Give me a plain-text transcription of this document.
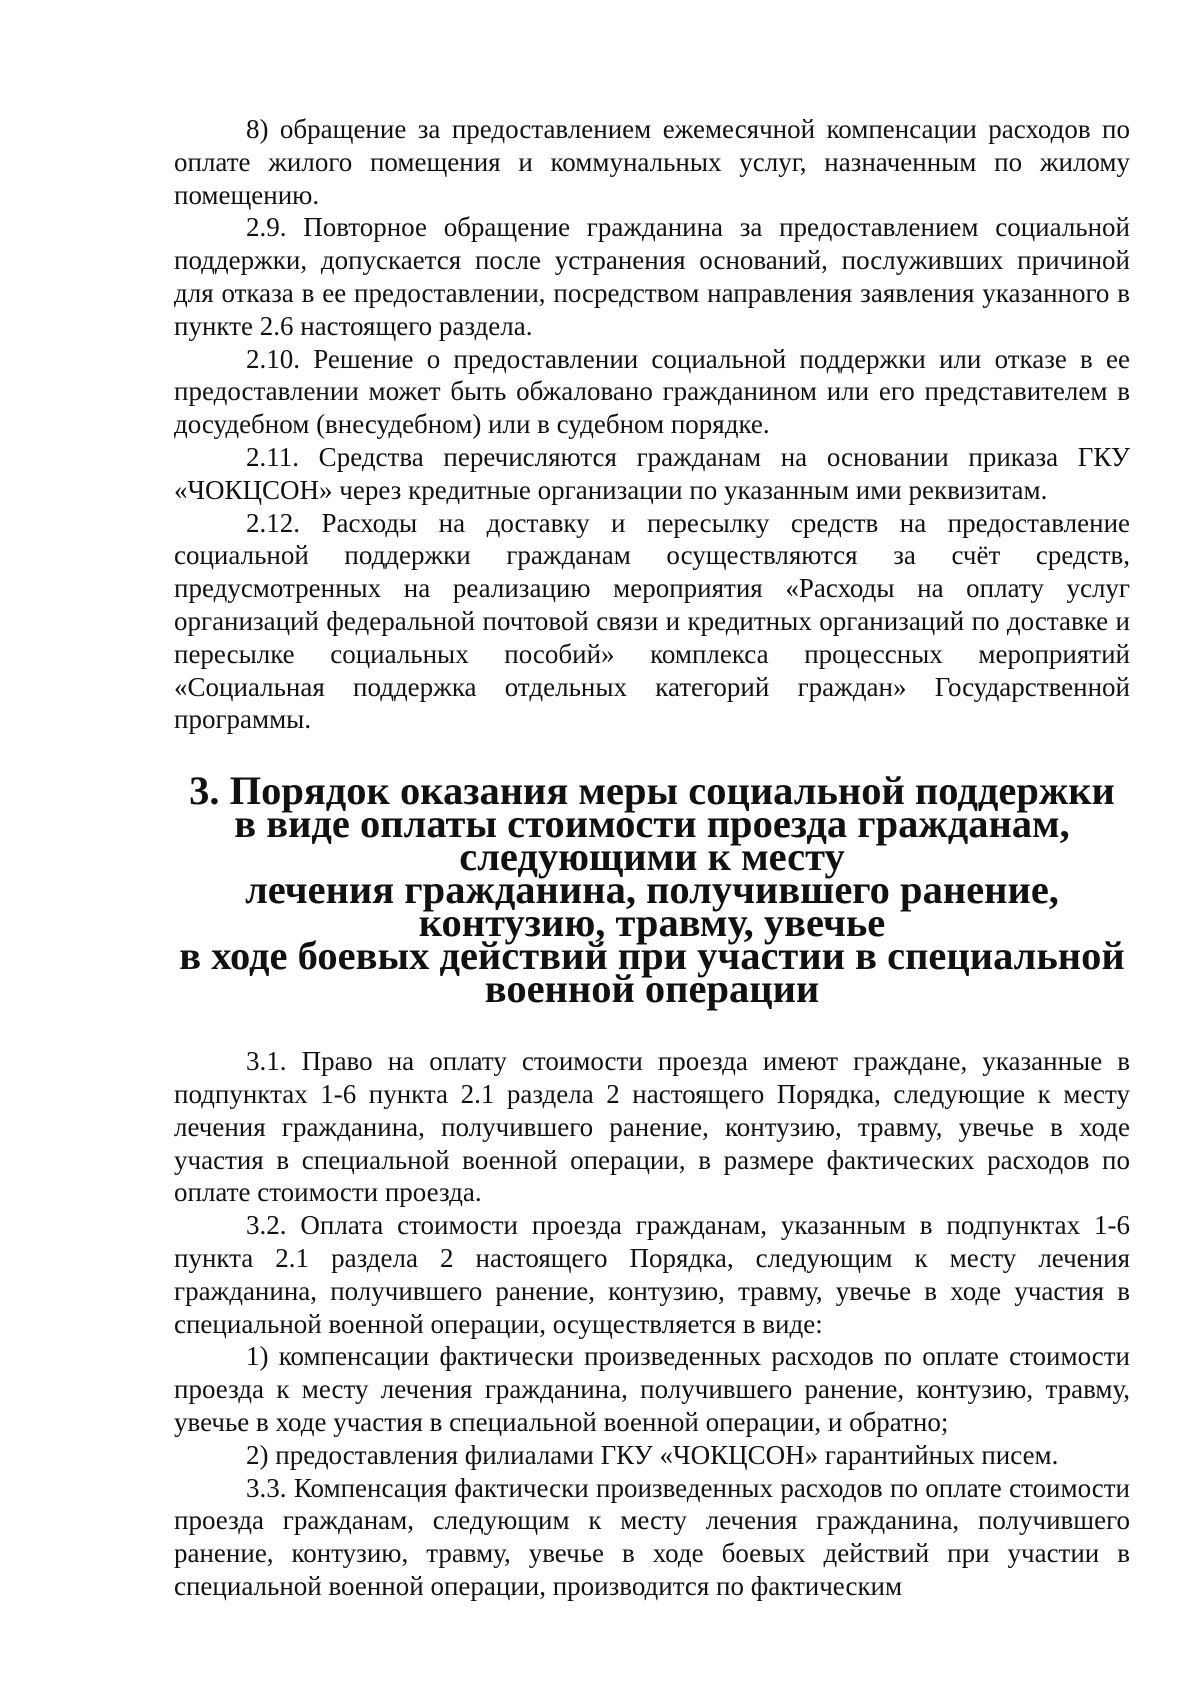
8) обращение за предоставлением ежемесячной компенсации расходов по оплате жилого помещения и коммунальных услуг, назначенным по жилому помещению.

2.9. Повторное обращение гражданина за предоставлением социальной поддержки, допускается после устранения оснований, послуживших причиной для отказа в ее предоставлении, посредством направления заявления указанного в пункте 2.6 настоящего раздела.

2.10. Решение о предоставлении социальной поддержки или отказе в ее предоставлении может быть обжаловано гражданином или его представителем в досудебном (внесудебном) или в судебном порядке.

2.11. Средства перечисляются гражданам на основании приказа ГКУ «ЧОКЦСОН» через кредитные организации по указанным ими реквизитам.

2.12. Расходы на доставку и пересылку средств на предоставление социальной поддержки гражданам осуществляются за счёт средств, предусмотренных на реализацию мероприятия «Расходы на оплату услуг организаций федеральной почтовой связи и кредитных организаций по доставке и пересылке социальных пособий» комплекса процессных мероприятий «Социальная поддержка отдельных категорий граждан» Государственной программы.

3. Порядок оказания меры социальной поддержки
в виде оплаты стоимости проезда гражданам, следующими к месту
лечения гражданина, получившего ранение, контузию, травму, увечье
в ходе боевых действий при участии в специальной военной операции

3.1. Право на оплату стоимости проезда имеют граждане, указанные в подпунктах 1-6 пункта 2.1 раздела 2 настоящего Порядка, следующие к месту лечения гражданина, получившего ранение, контузию, травму, увечье в ходе участия в специальной военной операции, в размере фактических расходов по оплате стоимости проезда.

3.2. Оплата стоимости проезда гражданам, указанным в подпунктах 1-6 пункта 2.1 раздела 2 настоящего Порядка, следующим к месту лечения гражданина, получившего ранение, контузию, травму, увечье в ходе участия в специальной военной операции, осуществляется в виде:

1) компенсации фактически произведенных расходов по оплате стоимости проезда к месту лечения гражданина, получившего ранение, контузию, травму, увечье в ходе участия в специальной военной операции, и обратно;

2) предоставления филиалами ГКУ «ЧОКЦСОН» гарантийных писем.

3.3. Компенсация фактически произведенных расходов по оплате стоимости проезда гражданам, следующим к месту лечения гражданина, получившего ранение, контузию, травму, увечье в ходе боевых действий при участии в специальной военной операции, производится по фактическим
